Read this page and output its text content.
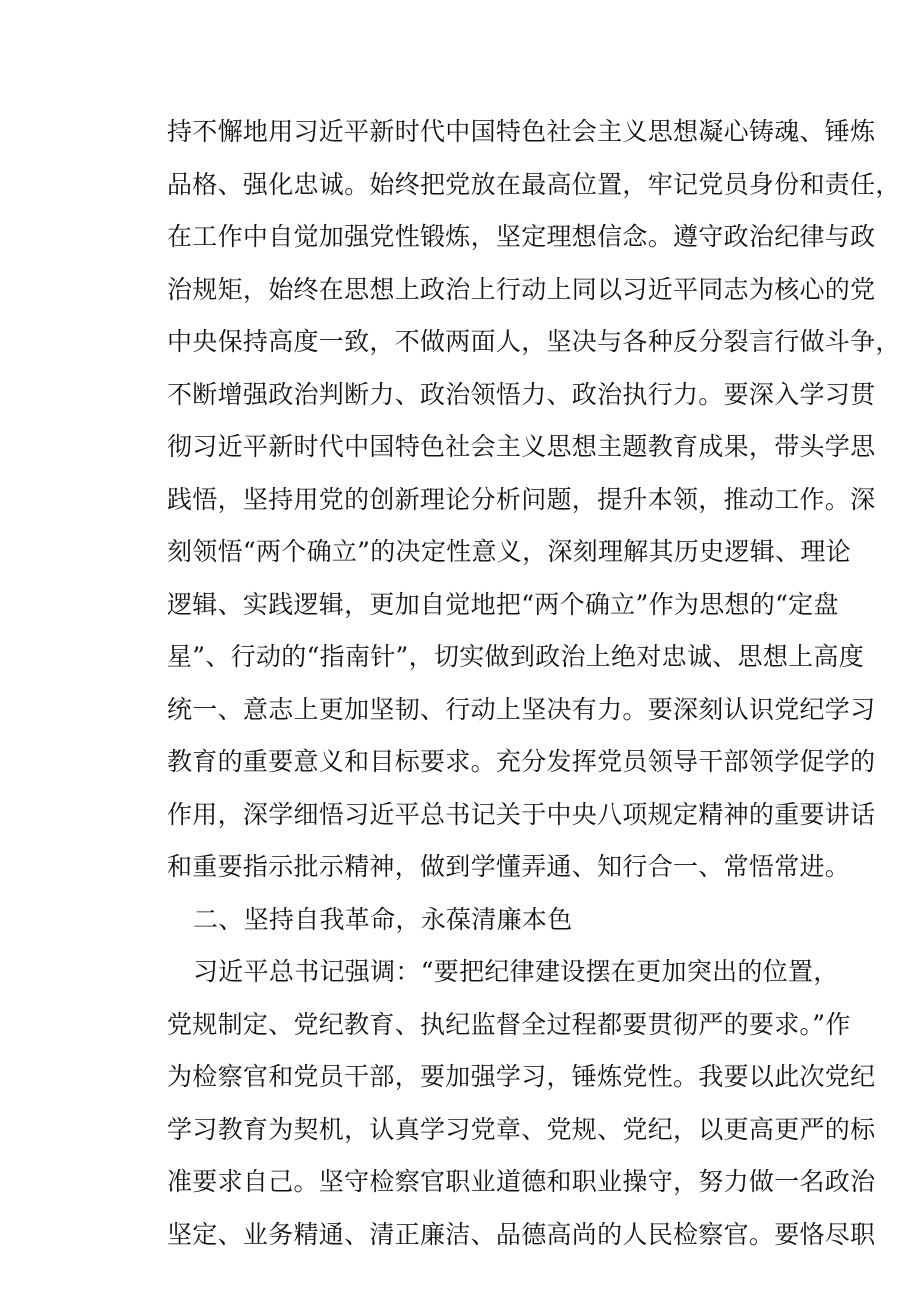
持不懈地用习近平新时代中国特色社会主义思想凝心铸魂、锤炼
品格、强化忠诚。始终把党放在最高位置，牢记党员身份和责任，
在工作中自觉加强党性锻炼，坚定理想信念。遵守政治纪律与政
治规矩，始终在思想上政治上行动上同以习近平同志为核心的党
中央保持高度一致，不做两面人，坚决与各种反分裂言行做斗争，
不断增强政治判断力、政治领悟力、政治执行力。要深入学习贯
彻习近平新时代中国特色社会主义思想主题教育成果，带头学思
践悟，坚持用党的创新理论分析问题，提升本领，推动工作。深
刻领悟“两个确立”的决定性意义，深刻理解其历史逻辑、理论
逻辑、实践逻辑，更加自觉地把“两个确立”作为思想的“定盘
星”、行动的“指南针”，切实做到政治上绝对忠诚、思想上高度
统一、意志上更加坚韧、行动上坚决有力。要深刻认识党纪学习
教育的重要意义和目标要求。充分发挥党员领导干部领学促学的
作用，深学细悟习近平总书记关于中央八项规定精神的重要讲话
和重要指示批示精神，做到学懂弄通、知行合一、常悟常进。
二、坚持自我革命，永葆清廉本色
习近平总书记强调：“要把纪律建设摆在更加突出的位置，
党规制定、党纪教育、执纪监督全过程都要贯彻严的要求。”作
为检察官和党员干部，要加强学习，锤炼党性。我要以此次党纪
学习教育为契机，认真学习党章、党规、党纪，以更高更严的标
准要求自己。坚守检察官职业道德和职业操守，努力做一名政治
坚定、业务精通、清正廉洁、品德高尚的人民检察官。要恪尽职
